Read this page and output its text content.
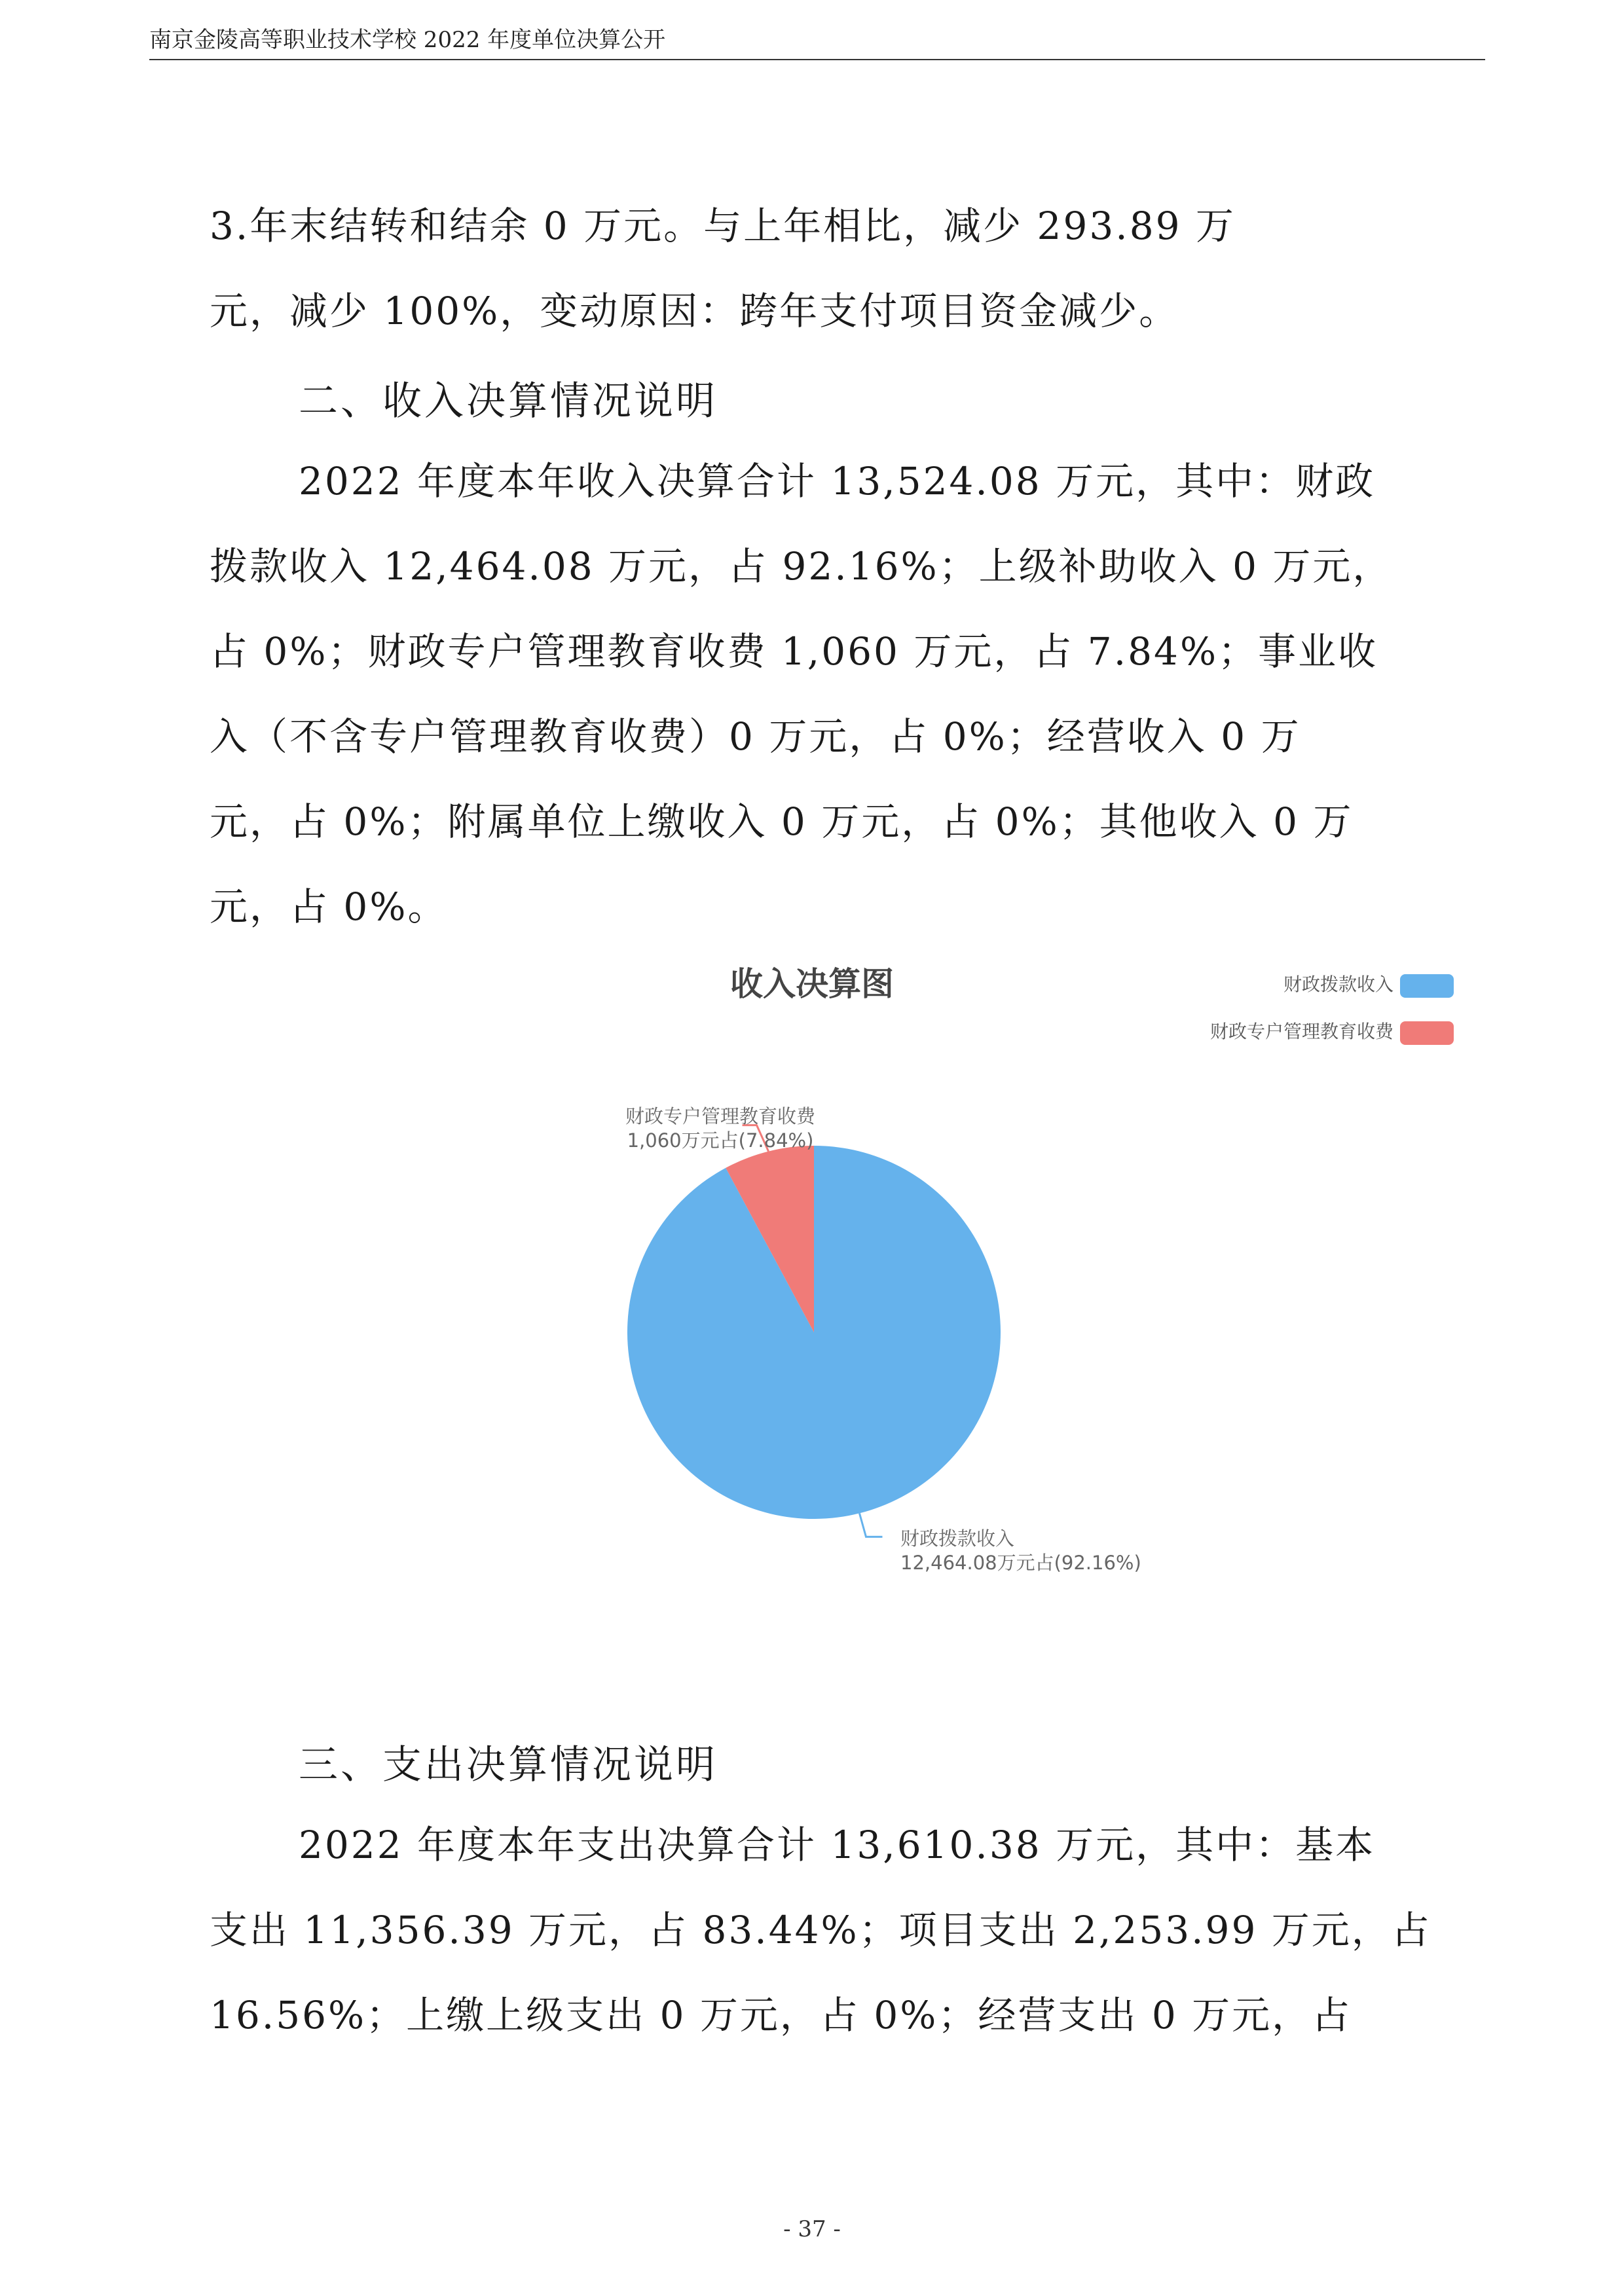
南京金陵高等职业技术学校 2022 年度单位决算公开
3.年末结转和结余 0 万元。与上年相比，减少 293.89 万
元，减少 100%，变动原因：跨年支付项目资金减少。
二、收入决算情况说明
2022 年度本年收入决算合计 13,524.08 万元，其中：财政
拨款收入 12,464.08 万元，占 92.16%；上级补助收入 0 万元，
占 0%；财政专户管理教育收费 1,060 万元，占 7.84%；事业收
入（不含专户管理教育收费）0 万元，占 0%；经营收入 0 万
元，占 0%；附属单位上缴收入 0 万元，占 0%；其他收入 0 万
元，占 0%。
收入决算图	财政拨款收入
财政专户管理教育收费
财政专户管理教育收费
1,060万元占(7.84%)
财政拨款收入
12,464.08万元占(92.16%)
三、支出决算情况说明
2022 年度本年支出决算合计 13,610.38 万元，其中：基本
支出 11,356.39 万元，占 83.44%；项目支出 2,253.99 万元，占
16.56%；上缴上级支出 0 万元，占 0%；经营支出 0 万元，占
- 37 -
